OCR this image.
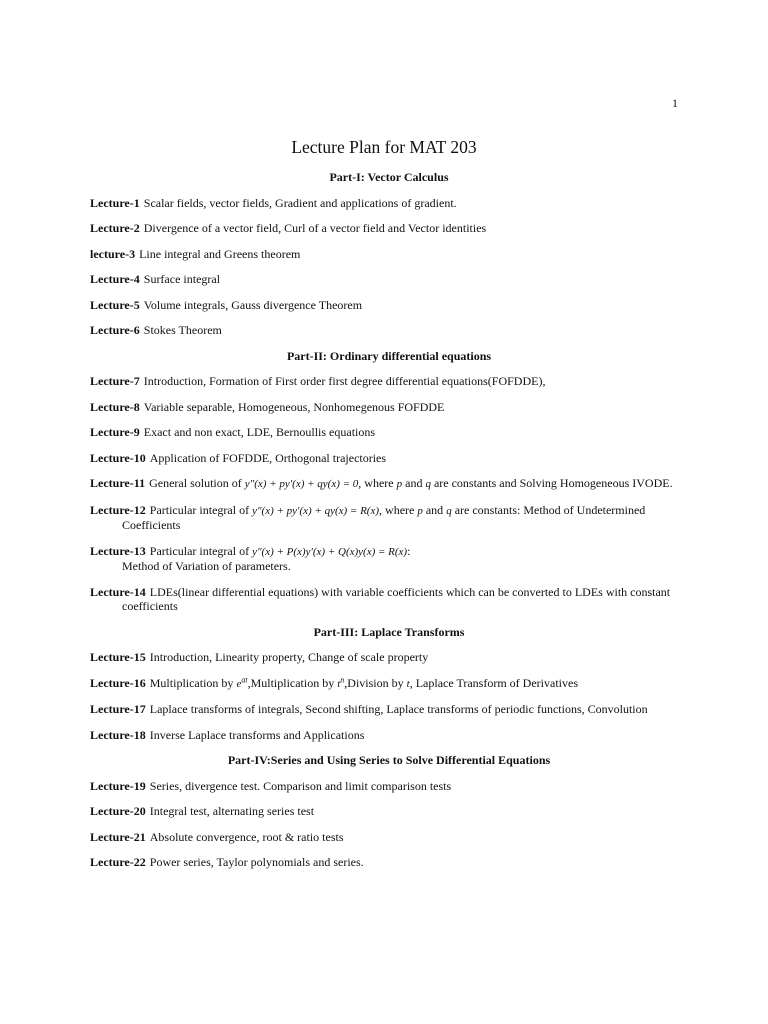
1
Lecture Plan for MAT 203
Part-I: Vector Calculus
Lecture-1 Scalar fields, vector fields, Gradient and applications of gradient.
Lecture-2 Divergence of a vector field, Curl of a vector field and Vector identities
lecture-3 Line integral and Greens theorem
Lecture-4 Surface integral
Lecture-5 Volume integrals, Gauss divergence Theorem
Lecture-6 Stokes Theorem
Part-II: Ordinary differential equations
Lecture-7 Introduction, Formation of First order first degree differential equations(FOFDDE),
Lecture-8 Variable separable, Homogeneous, Nonhomegenous FOFDDE
Lecture-9 Exact and non exact, LDE, Bernoullis equations
Lecture-10 Application of FOFDDE, Orthogonal trajectories
Lecture-11 General solution of y″(x) + py′(x) + qy(x) = 0, where p and q are constants and Solving Homogeneous IVODE.
Lecture-12 Particular integral of y″(x) + py′(x) + qy(x) = R(x), where p and q are constants: Method of Undetermined Coefficients
Lecture-13 Particular integral of y″(x) + P(x)y′(x) + Q(x)y(x) = R(x):
Method of Variation of parameters.
Lecture-14 LDEs(linear differential equations) with variable coefficients which can be converted to LDEs with constant coefficients
Part-III: Laplace Transforms
Lecture-15 Introduction, Linearity property, Change of scale property
Lecture-16 Multiplication by $e^{at},Multiplication$ by $t^n,Division$ by t, Laplace Transform of Derivatives
Lecture-17 Laplace transforms of integrals, Second shifting, Laplace transforms of periodic functions, Convolution
Lecture-18 Inverse Laplace transforms and Applications
Part-IV:Series and Using Series to Solve Differential Equations
Lecture-19 Series, divergence test. Comparison and limit comparison tests
Lecture-20 Integral test, alternating series test
Lecture-21 Absolute convergence, root & ratio tests
Lecture-22 Power series, Taylor polynomials and series.
